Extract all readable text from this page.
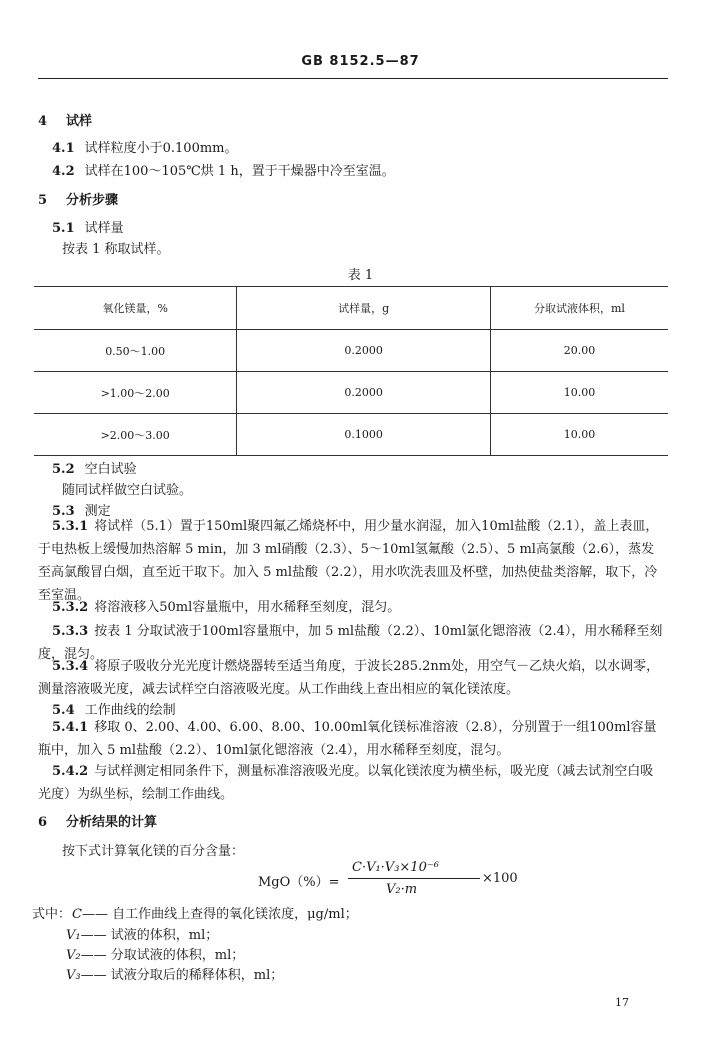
GB 8152.5—87
4 试样
4.1 试样粒度小于0.100mm。
4.2 试样在100～105℃烘 1 h，置于干燥器中冷至室温。
5 分析步骤
5.1 试样量
按表 1 称取试样。
表 1
氧化镁量，%	试样量，g	分取试液体积，ml
0.50～1.00	0.2000	20.00
>1.00～2.00	0.2000	10.00
>2.00～3.00	0.1000	10.00
5.2 空白试验
随同试样做空白试验。
5.3 测定
5.3.1 将试样（5.1）置于150ml聚四氟乙烯烧杯中，用少量水润湿，加入10ml盐酸（2.1），盖上表皿，于电热板上缓慢加热溶解 5 min，加 3 ml硝酸（2.3）、5～10ml氢氟酸（2.5）、5 ml高氯酸（2.6），蒸发至高氯酸冒白烟，直至近干取下。加入 5 ml盐酸（2.2），用水吹洗表皿及杯壁，加热使盐类溶解，取下，冷至室温。
5.3.2 将溶液移入50ml容量瓶中，用水稀释至刻度，混匀。
5.3.3 按表 1 分取试液于100ml容量瓶中，加 5 ml盐酸（2.2）、10ml氯化锶溶液（2.4），用水稀释至刻度，混匀。
5.3.4 将原子吸收分光光度计燃烧器转至适当角度，于波长285.2nm处，用空气－乙炔火焰，以水调零，测量溶液吸光度，减去试样空白溶液吸光度。从工作曲线上查出相应的氧化镁浓度。
5.4 工作曲线的绘制
5.4.1 移取 0、2.00、4.00、6.00、8.00、10.00ml氧化镁标准溶液（2.8），分别置于一组100ml容量瓶中，加入 5 ml盐酸（2.2）、10ml氯化锶溶液（2.4），用水稀释至刻度，混匀。
5.4.2 与试样测定相同条件下，测量标准溶液吸光度。以氧化镁浓度为横坐标，吸光度（减去试剂空白吸光度）为纵坐标，绘制工作曲线。
6 分析结果的计算
按下式计算氧化镁的百分含量：
MgO（%）=
C·V₁·V₃×10⁻⁶
V₂·m
×100
式中： C—— 自工作曲线上查得的氧化镁浓度，μg/ml；
V₁—— 试液的体积，ml；
V₂—— 分取试液的体积，ml；
V₃—— 试液分取后的稀释体积，ml；
17
